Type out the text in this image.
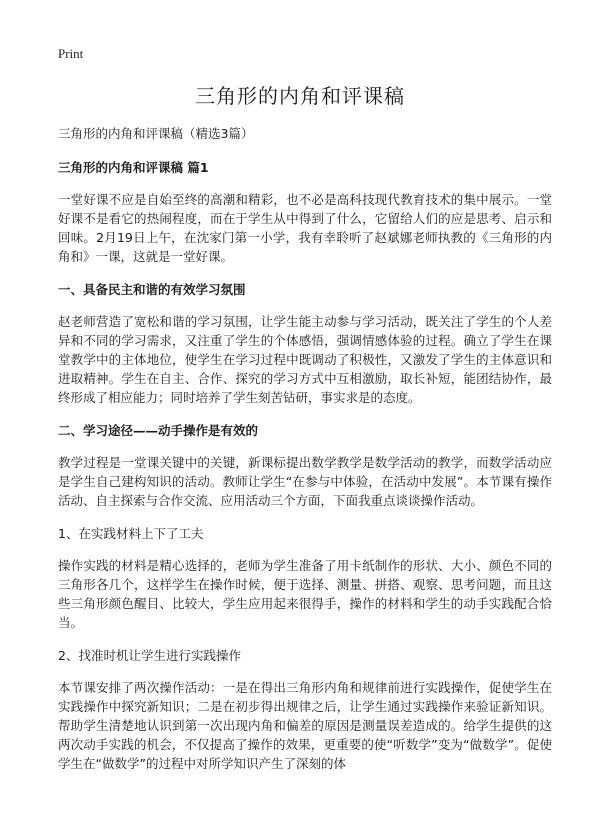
Print
三角形的内角和评课稿

三角形的内角和评课稿（精选3篇）

三角形的内角和评课稿 篇1

一堂好课不应是自始至终的高潮和精彩，也不必是高科技现代教育技术的集中展示。一堂好课不是看它的热闹程度，而在于学生从中得到了什么，它留给人们的应是思考、启示和回味。2月19日上午，在沈家门第一小学，我有幸聆听了赵斌娜老师执教的《三角形的内角和》一课，这就是一堂好课。

一、具备民主和谐的有效学习氛围

赵老师营造了宽松和谐的学习氛围，让学生能主动参与学习活动，既关注了学生的个人差异和不同的学习需求，又注重了学生的个体感悟，强调情感体验的过程。确立了学生在课堂教学中的主体地位，使学生在学习过程中既调动了积极性，又激发了学生的主体意识和进取精神。学生在自主、合作、探究的学习方式中互相激励，取长补短，能团结协作，最终形成了相应能力；同时培养了学生刻苦钻研，事实求是的态度。

二、学习途径——动手操作是有效的

教学过程是一堂课关键中的关键，新课标提出数学教学是数学活动的教学，而数学活动应是学生自己建构知识的活动。教师让学生“在参与中体验，在活动中发展”。本节课有操作活动、自主探索与合作交流、应用活动三个方面，下面我重点谈谈操作活动。

1、在实践材料上下了工夫

操作实践的材料是精心选择的，老师为学生准备了用卡纸制作的形状、大小、颜色不同的三角形各几个，这样学生在操作时候，便于选择、测量、拼搭、观察、思考问题，而且这些三角形颜色醒目、比较大，学生应用起来很得手，操作的材料和学生的动手实践配合恰当。

2、找准时机让学生进行实践操作

本节课安排了两次操作活动：一是在得出三角形内角和规律前进行实践操作，促使学生在实践操作中探究新知识；二是在初步得出规律之后，让学生通过实践操作来验证新知识。帮助学生清楚地认识到第一次出现内角和偏差的原因是测量误差造成的。给学生提供的这两次动手实践的机会，不仅提高了操作的效果，更重要的使“听数学”变为“做数学”。促使学生在“做数学”的过程中对所学知识产生了深刻的体
